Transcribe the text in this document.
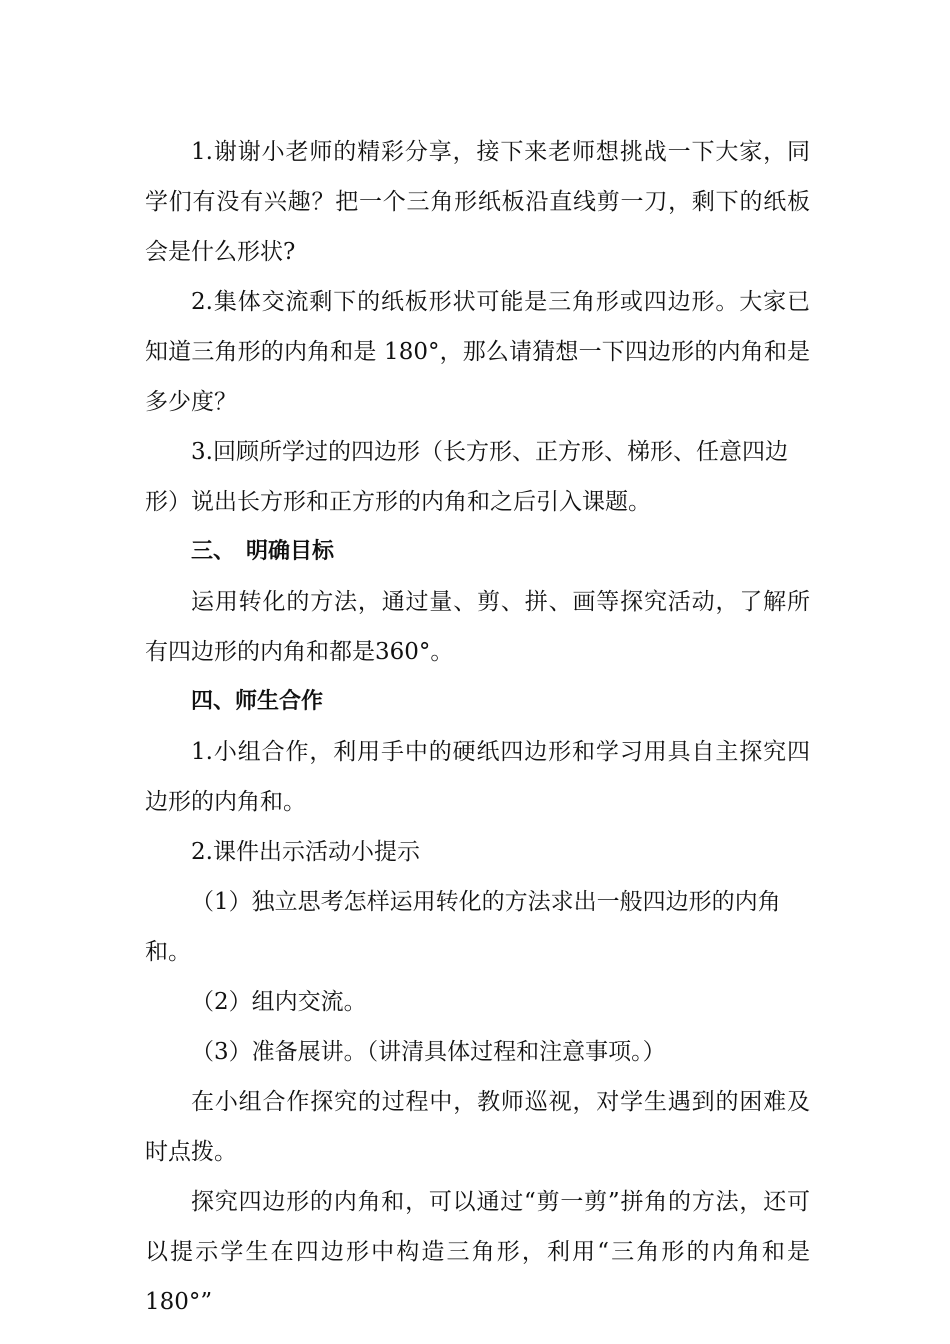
1.谢谢小老师的精彩分享，接下来老师想挑战一下大家，同学们有没有兴趣？把一个三角形纸板沿直线剪一刀，剩下的纸板会是什么形状?

2.集体交流剩下的纸板形状可能是三角形或四边形。大家已知道三角形的内角和是 180°，那么请猜想一下四边形的内角和是多少度？

3.回顾所学过的四边形（长方形、正方形、梯形、任意四边

形）说出长方形和正方形的内角和之后引入课题。

三、　明确目标

运用转化的方法，通过量、剪、拼、画等探究活动，了解所有四边形的内角和都是360°。

四、师生合作

1.小组合作，利用手中的硬纸四边形和学习用具自主探究四边形的内角和。

2.课件出示活动小提示

（1）独立思考怎样运用转化的方法求出一般四边形的内角和。

（2）组内交流。

（3）准备展讲。（讲清具体过程和注意事项。）

在小组合作探究的过程中，教师巡视，对学生遇到的困难及时点拨。

探究四边形的内角和，可以通过“剪一剪”拼角的方法，还可以提示学生在四边形中构造三角形，利用“三角形的内角和是 180°”
